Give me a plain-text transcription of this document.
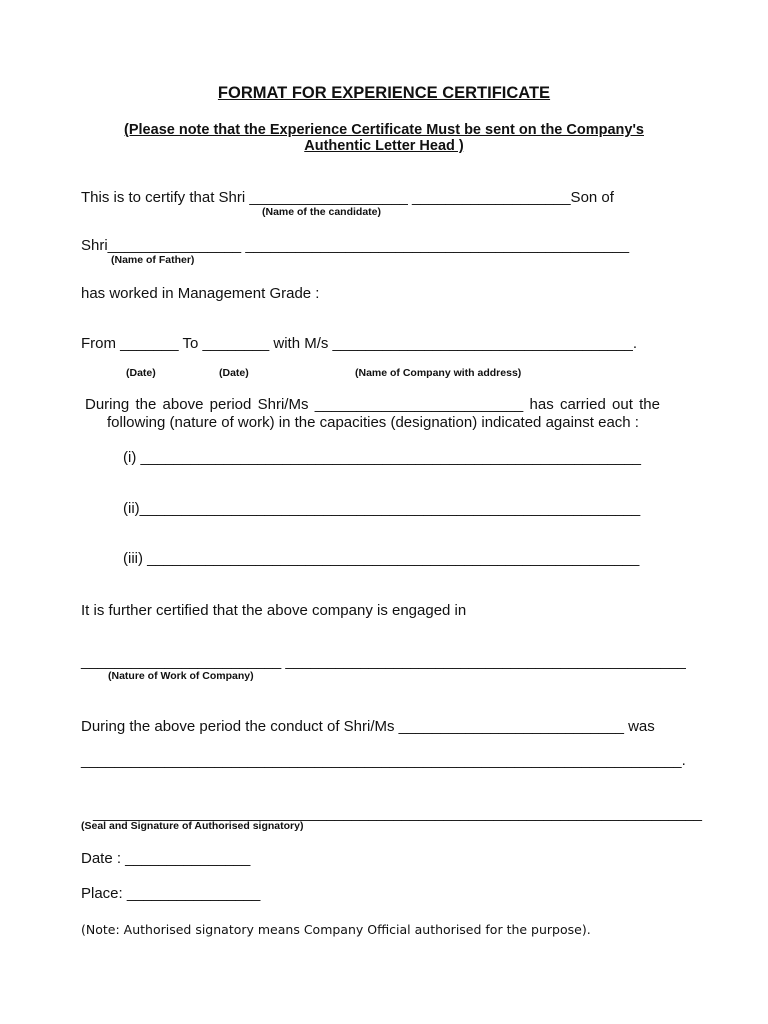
FORMAT FOR EXPERIENCE CERTIFICATE
(Please note that the Experience Certificate Must be sent on the Company's
Authentic Letter Head )
This is to certify that Shri ___________________ ___________________Son of
(Name of the candidate)
Shri________________ ______________________________________________
(Name of Father)
has worked in Management Grade :
From _______ To ________ with M/s ____________________________________.
(Date)	(Date)	(Name of Company with address)
During the above period Shri/Ms _________________________ has carried out the
following (nature of work) in the capacities (designation) indicated against each :
(i) ____________________________________________________________
(ii)____________________________________________________________
(iii) ___________________________________________________________
It is further certified that the above company is engaged in
________________________ ________________________________________________
(Nature of Work of Company)
During the above period the conduct of Shri/Ms ___________________________ was
________________________________________________________________________.
_________________________________________________________________________
(Seal and Signature of Authorised signatory)
Date : _______________
Place: ________________
(Note: Authorised signatory means Company Official authorised for the purpose).
